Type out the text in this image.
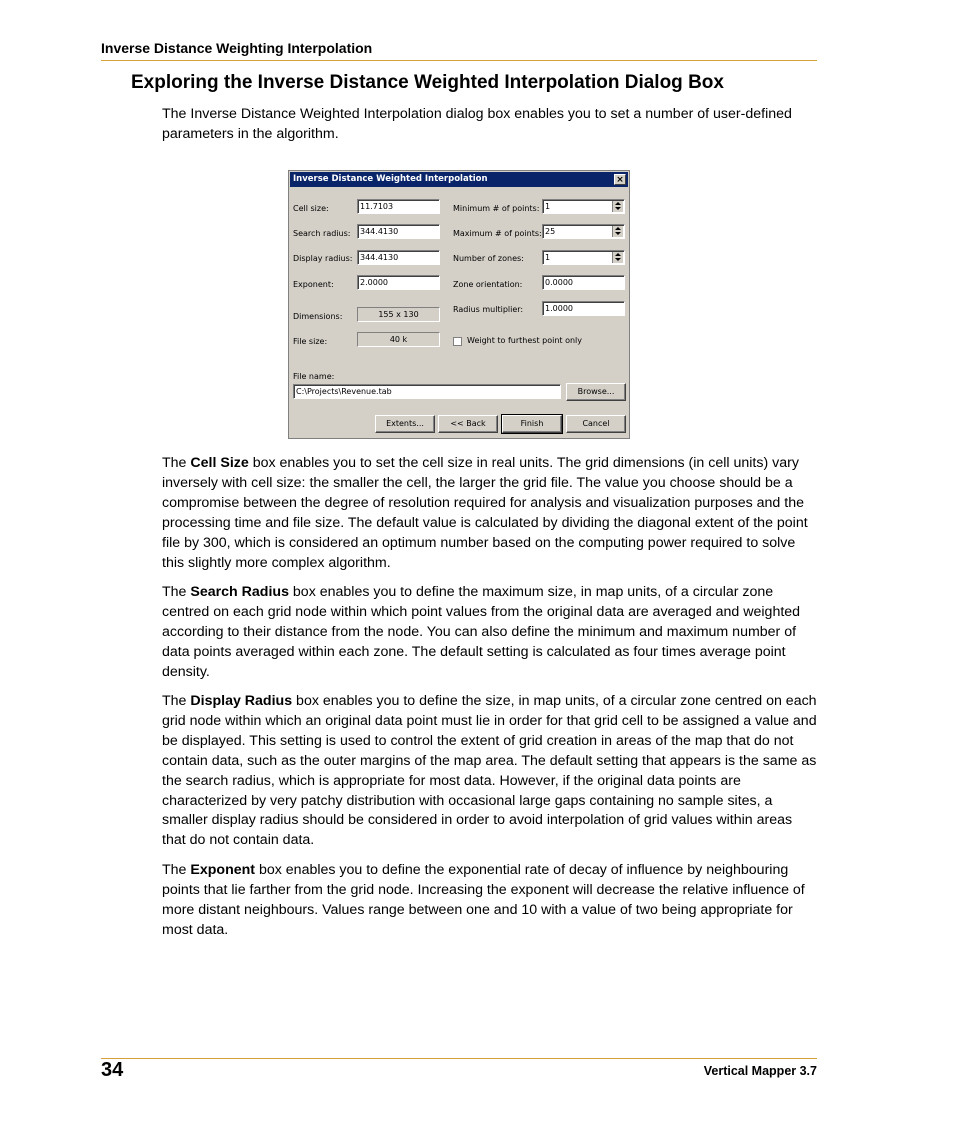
Inverse Distance Weighting Interpolation
Exploring the Inverse Distance Weighted Interpolation Dialog Box

The Inverse Distance Weighted Interpolation dialog box enables you to set a number of user-defined parameters in the algorithm.

Inverse Distance Weighted Interpolation	×
Cell size:	11.7103
Search radius:	344.4130
Display radius: 344.4130
Exponent:	2.0000
Dimensions:	155 x 130
File size:	40 k
Minimum # of points: 1
Maximum # of points: 25
Number of zones:	1
Zone orientation:	0.0000
Radius multiplier:	1.0000
Weight to furthest point only
File name:
C:\Projects\Revenue.tab	Browse...
Extents...	<< Back	Finish	Cancel

The Cell Size box enables you to set the cell size in real units. The grid dimensions (in cell units) vary inversely with cell size: the smaller the cell, the larger the grid file. The value you choose should be a compromise between the degree of resolution required for analysis and visualization purposes and the processing time and file size. The default value is calculated by dividing the diagonal extent of the point file by 300, which is considered an optimum number based on the computing power required to solve this slightly more complex algorithm.

The Search Radius box enables you to define the maximum size, in map units, of a circular zone centred on each grid node within which point values from the original data are averaged and weighted according to their distance from the node. You can also define the minimum and maximum number of data points averaged within each zone. The default setting is calculated as four times average point density.

The Display Radius box enables you to define the size, in map units, of a circular zone centred on each grid node within which an original data point must lie in order for that grid cell to be assigned a value and be displayed. This setting is used to control the extent of grid creation in areas of the map that do not contain data, such as the outer margins of the map area. The default setting that appears is the same as the search radius, which is appropriate for most data. However, if the original data points are characterized by very patchy distribution with occasional large gaps containing no sample sites, a smaller display radius should be considered in order to avoid interpolation of grid values within areas that do not contain data.

The Exponent box enables you to define the exponential rate of decay of influence by neighbouring points that lie farther from the grid node. Increasing the exponent will decrease the relative influence of more distant neighbours. Values range between one and 10 with a value of two being appropriate for most data.

34	Vertical Mapper 3.7
